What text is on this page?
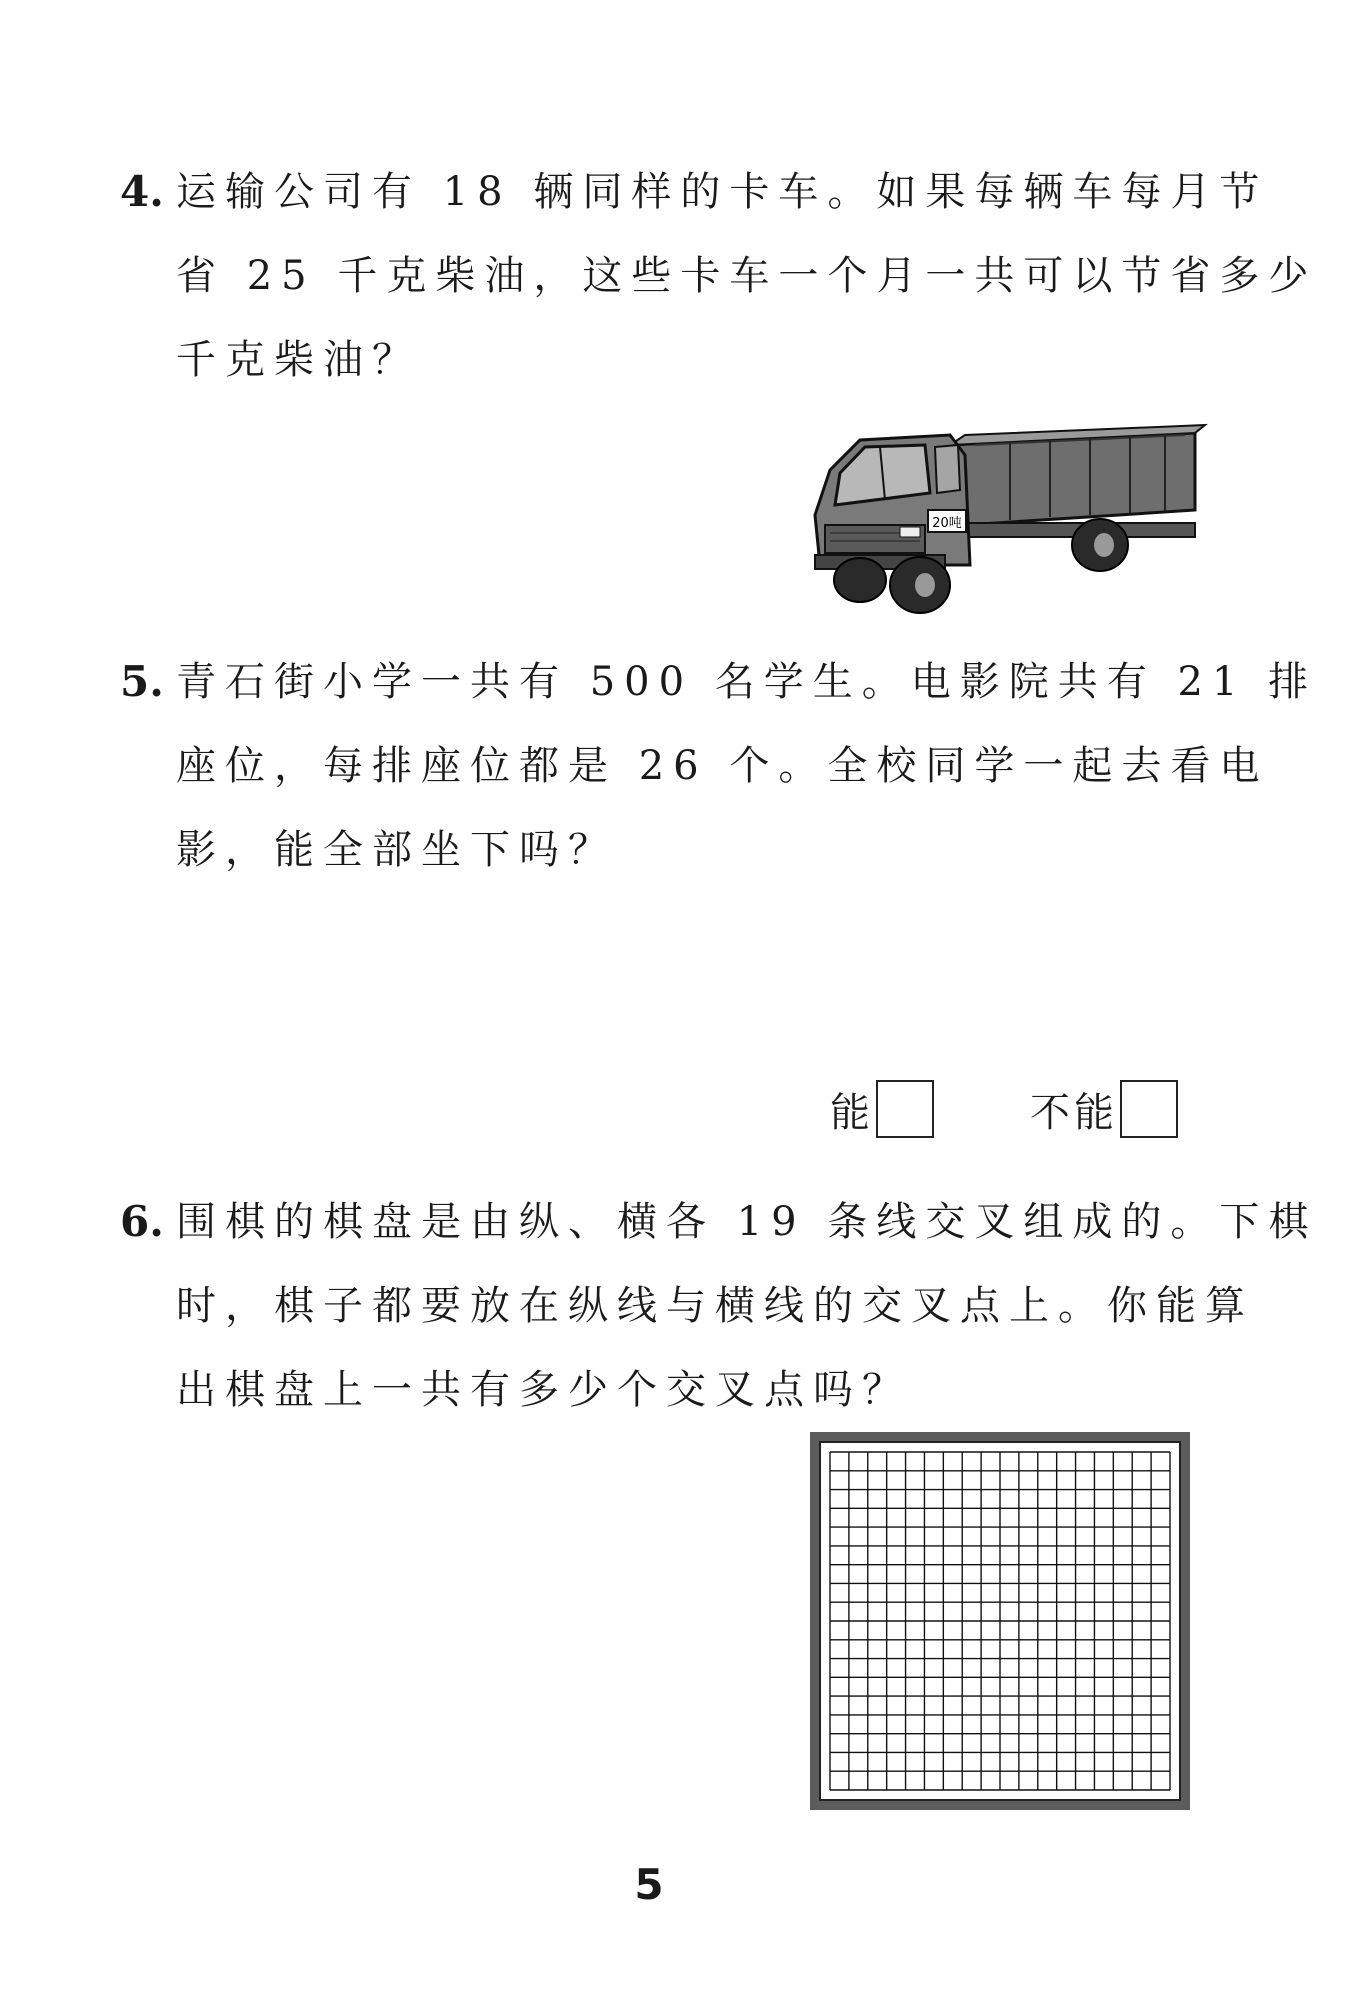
4. 运输公司有 18 辆同样的卡车。如果每辆车每月节
省 25 千克柴油，这些卡车一个月一共可以节省多少
千克柴油？
20吨
5. 青石街小学一共有 500 名学生。电影院共有 21 排
座位，每排座位都是 26 个。全校同学一起去看电
影，能全部坐下吗？
能	不能
6. 围棋的棋盘是由纵、横各 19 条线交叉组成的。下棋
时，棋子都要放在纵线与横线的交叉点上。你能算
出棋盘上一共有多少个交叉点吗？
5
